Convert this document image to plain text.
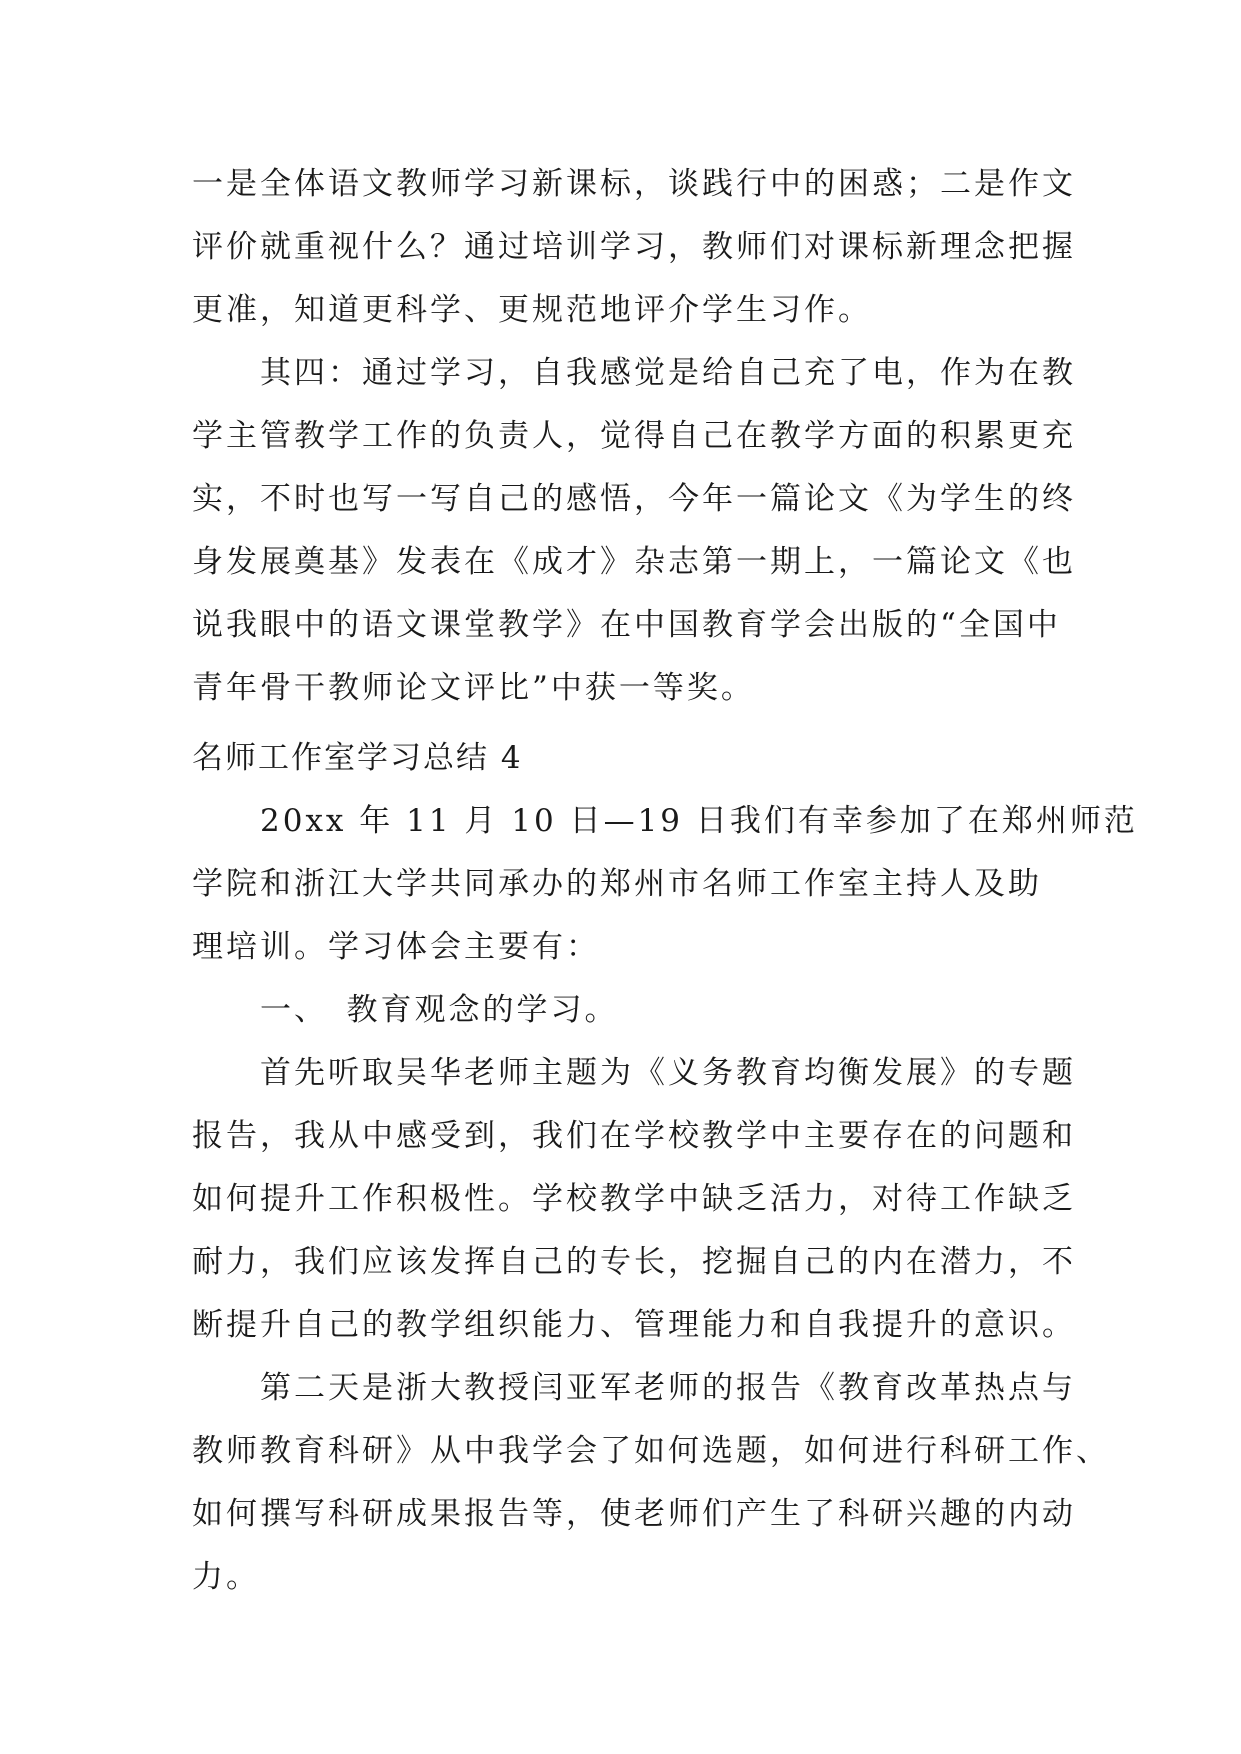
一是全体语文教师学习新课标，谈践行中的困惑；二是作文
评价就重视什么？通过培训学习，教师们对课标新理念把握
更准，知道更科学、更规范地评介学生习作。
　　其四：通过学习，自我感觉是给自己充了电，作为在教
学主管教学工作的负责人，觉得自己在教学方面的积累更充
实，不时也写一写自己的感悟，今年一篇论文《为学生的终
身发展奠基》发表在《成才》杂志第一期上，一篇论文《也
说我眼中的语文课堂教学》在中国教育学会出版的“全国中
青年骨干教师论文评比”中获一等奖。
名师工作室学习总结 4
　　20xx 年 11 月 10 日—19 日我们有幸参加了在郑州师范
学院和浙江大学共同承办的郑州市名师工作室主持人及助
理培训。学习体会主要有：
　　一、　教育观念的学习。
　　首先听取吴华老师主题为《义务教育均衡发展》的专题
报告，我从中感受到，我们在学校教学中主要存在的问题和
如何提升工作积极性。学校教学中缺乏活力，对待工作缺乏
耐力，我们应该发挥自己的专长，挖掘自己的内在潜力，不
断提升自己的教学组织能力、管理能力和自我提升的意识。
　　第二天是浙大教授闫亚军老师的报告《教育改革热点与
教师教育科研》从中我学会了如何选题，如何进行科研工作、
如何撰写科研成果报告等，使老师们产生了科研兴趣的内动
力。
